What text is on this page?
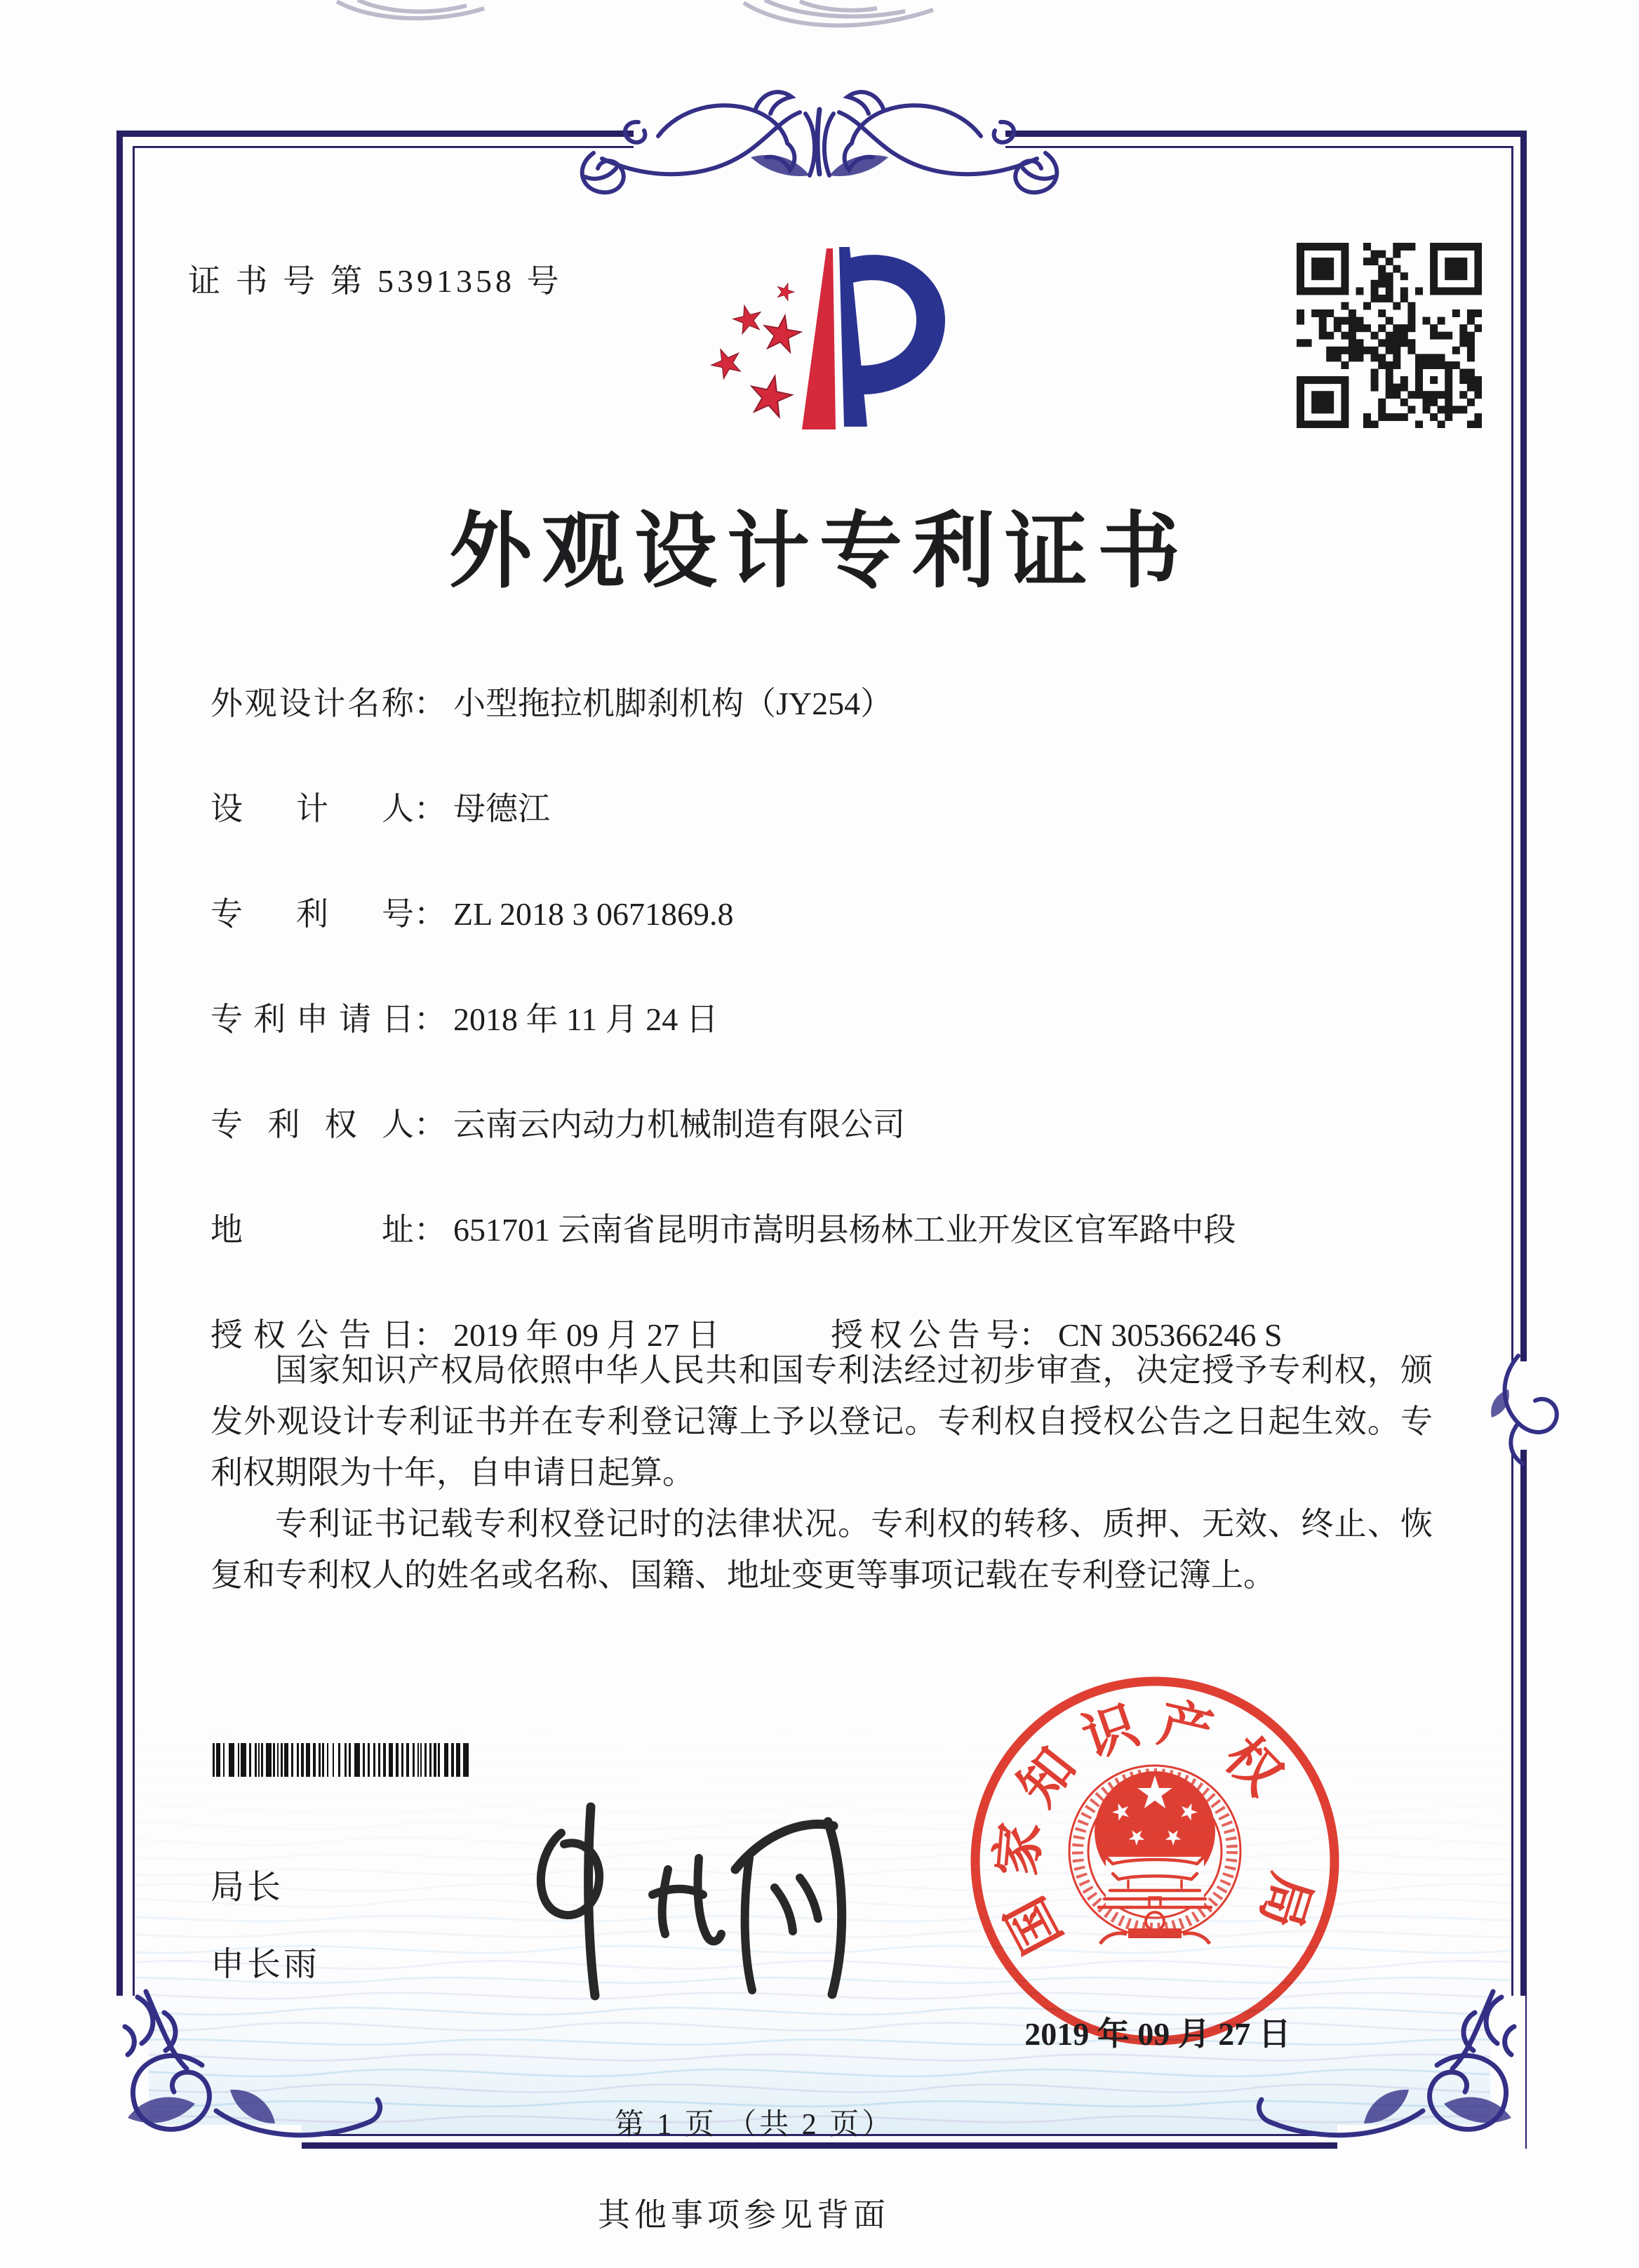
证 书 号 第 5391358 号
外观设计专利证书
外观设计名称： 小型拖拉机脚刹机构（JY254）
设计人： 母德江
专利号： ZL 2018 3 0671869.8
专利申请日： 2018 年 11 月 24 日
专利权人： 云南云内动力机械制造有限公司
地址： 651701 云南省昆明市嵩明县杨林工业开发区官军路中段
授权公告日： 2019 年 09 月 27 日	授权公告号： CN 305366246 S

国家知识产权局依照中华人民共和国专利法经过初步审查，决定授予专利权，颁发外观设计专利证书并在专利登记簿上予以登记。专利权自授权公告之日起生效。专利权期限为十年，自申请日起算。

专利证书记载专利权登记时的法律状况。专利权的转移、质押、无效、终止、恢复和专利权人的姓名或名称、国籍、地址变更等事项记载在专利登记簿上。

局长
申长雨
国
家
知
识 产
权
局
2019 年 09 月 27 日
第 1 页 （共 2 页）
其他事项参见背面
